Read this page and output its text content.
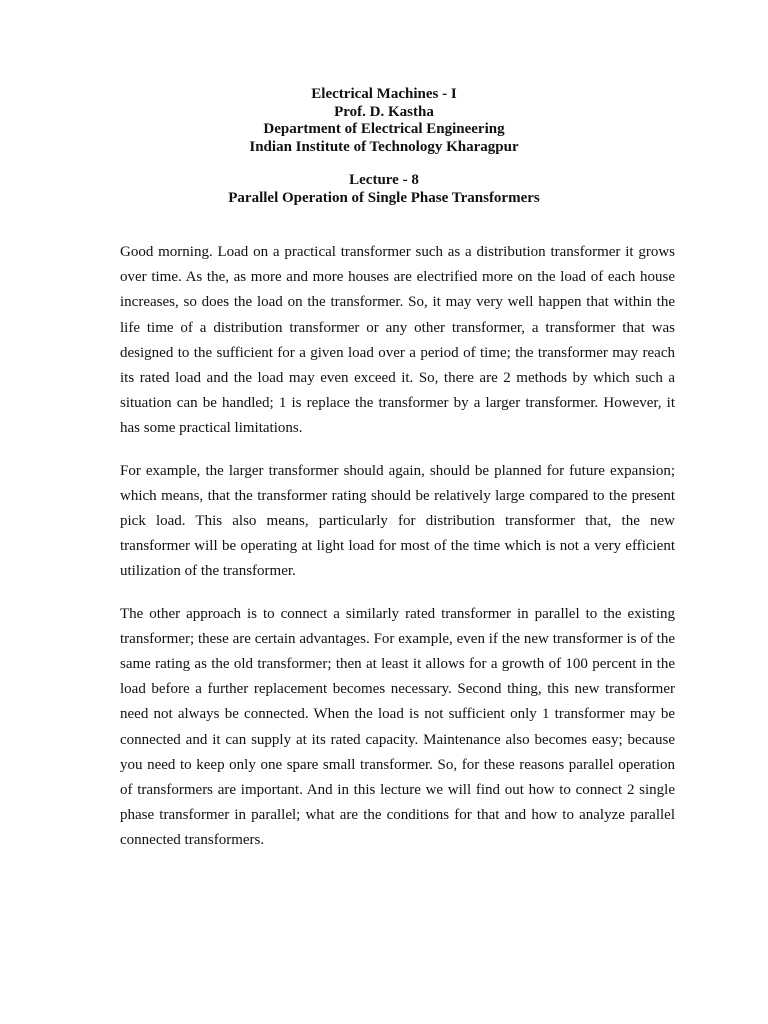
Electrical Machines - I
Prof. D. Kastha
Department of Electrical Engineering
Indian Institute of Technology Kharagpur
Lecture - 8
Parallel Operation of Single Phase Transformers

Good morning. Load on a practical transformer such as a distribution transformer it grows over time. As the, as more and more houses are electrified more on the load of each house increases, so does the load on the transformer. So, it may very well happen that within the life time of a distribution transformer or any other transformer, a transformer that was designed to the sufficient for a given load over a period of time; the transformer may reach its rated load and the load may even exceed it. So, there are 2 methods by which such a situation can be handled; 1 is replace the transformer by a larger transformer. However, it has some practical limitations.

For example, the larger transformer should again, should be planned for future expansion; which means, that the transformer rating should be relatively large compared to the present pick load. This also means, particularly for distribution transformer that, the new transformer will be operating at light load for most of the time which is not a very efficient utilization of the transformer.

The other approach is to connect a similarly rated transformer in parallel to the existing transformer; these are certain advantages. For example, even if the new transformer is of the same rating as the old transformer; then at least it allows for a growth of 100 percent in the load before a further replacement becomes necessary. Second thing, this new transformer need not always be connected. When the load is not sufficient only 1 transformer may be connected and it can supply at its rated capacity. Maintenance also becomes easy; because you need to keep only one spare small transformer. So, for these reasons parallel operation of transformers are important. And in this lecture we will find out how to connect 2 single phase transformer in parallel; what are the conditions for that and how to analyze parallel connected transformers.
